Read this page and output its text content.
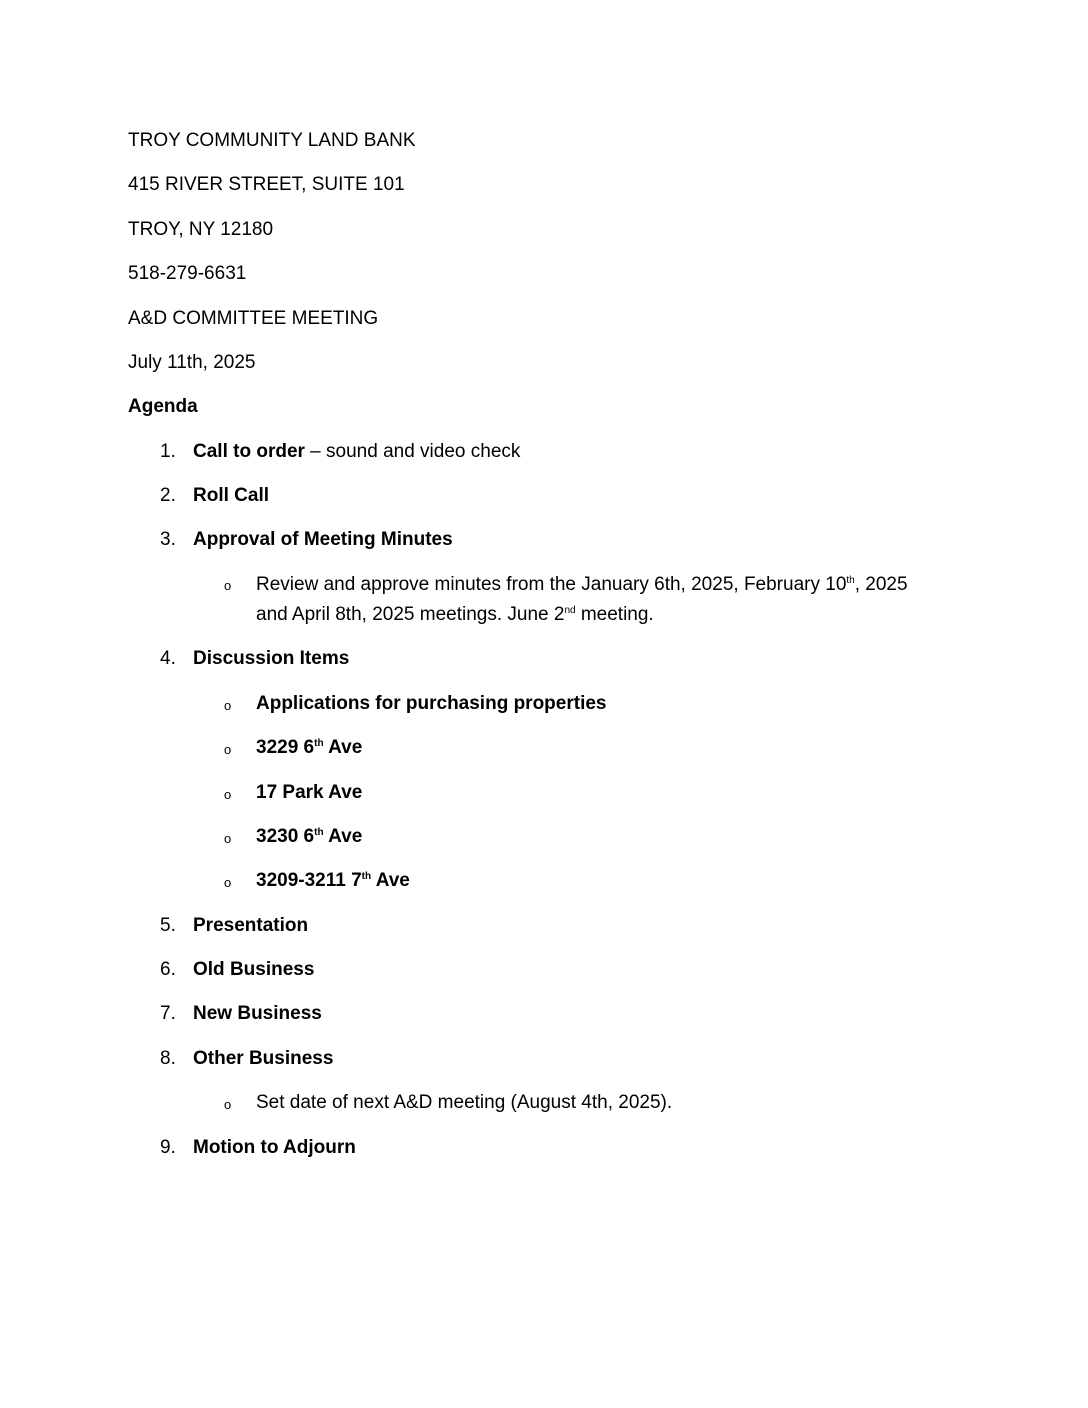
TROY COMMUNITY LAND BANK
415 RIVER STREET, SUITE 101
TROY, NY 12180
518-279-6631
A&D COMMITTEE MEETING
July 11th, 2025
Agenda
1. Call to order – sound and video check
2. Roll Call
3. Approval of Meeting Minutes
o Review and approve minutes from the January 6th, 2025, February 10th, 2025
and April 8th, 2025 meetings. June 2nd meeting.
4. Discussion Items
o Applications for purchasing properties
o 3229 6th Ave
o 17 Park Ave
o 3230 6th Ave
o 3209-3211 7th Ave
5. Presentation
6. Old Business
7. New Business
8. Other Business
o Set date of next A&D meeting (August 4th, 2025).
9. Motion to Adjourn
